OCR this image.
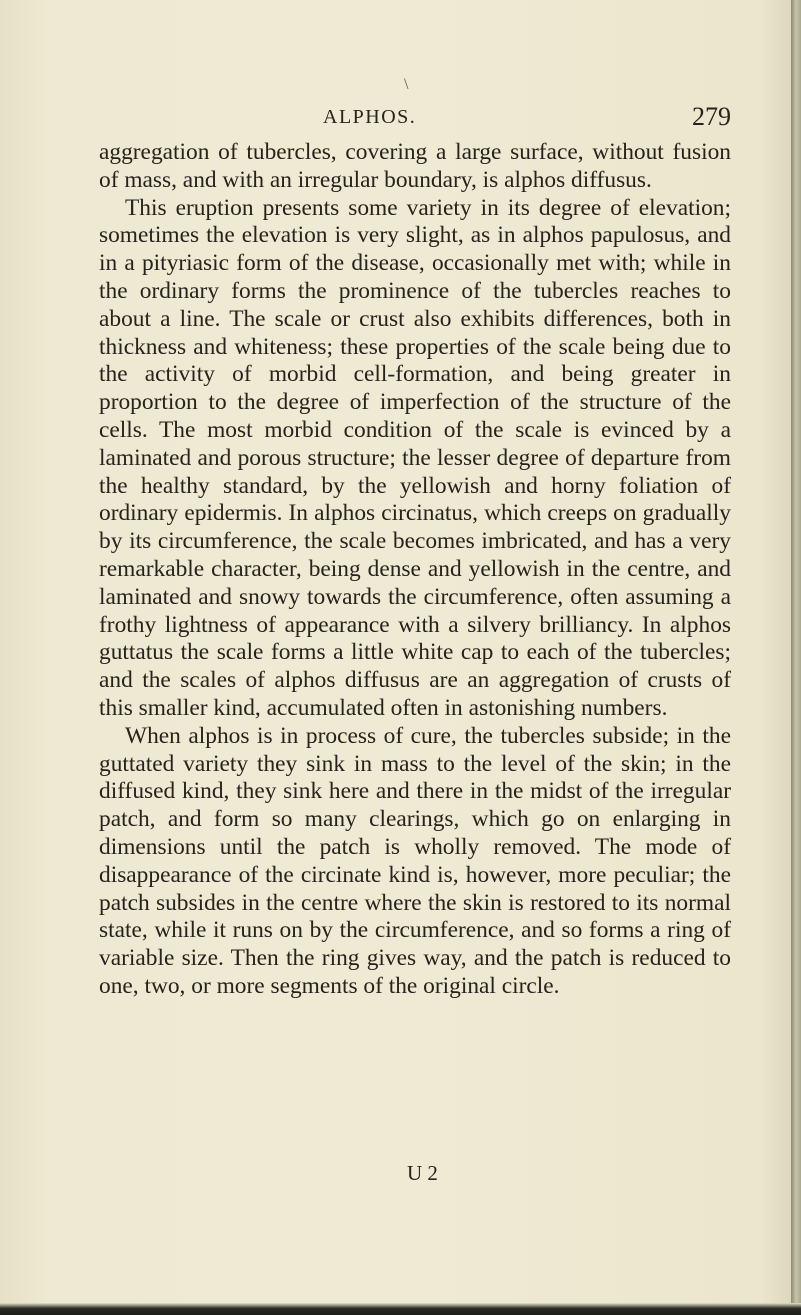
\
ALPHOS.	279

aggregation of tubercles, covering a large surface, without fusion of mass, and with an irregular boundary, is alphos diffusus.

This eruption presents some variety in its degree of elevation; sometimes the elevation is very slight, as in alphos papulosus, and in a pityriasic form of the disease, occasionally met with; while in the ordinary forms the prominence of the tubercles reaches to about a line. The scale or crust also exhibits differences, both in thickness and whiteness; these properties of the scale being due to the activity of morbid cell-formation, and being greater in proportion to the degree of imperfection of the structure of the cells. The most morbid condition of the scale is evinced by a laminated and porous structure; the lesser degree of departure from the healthy standard, by the yellowish and horny foliation of ordinary epidermis. In alphos circinatus, which creeps on gradually by its circumference, the scale becomes imbricated, and has a very remarkable character, being dense and yellowish in the centre, and laminated and snowy towards the circumference, often assuming a frothy lightness of appearance with a silvery brilliancy. In alphos guttatus the scale forms a little white cap to each of the tubercles; and the scales of alphos diffusus are an aggregation of crusts of this smaller kind, accumulated often in astonishing numbers.

When alphos is in process of cure, the tubercles subside; in the guttated variety they sink in mass to the level of the skin; in the diffused kind, they sink here and there in the midst of the irregular patch, and form so many clearings, which go on enlarging in dimensions until the patch is wholly removed. The mode of disappearance of the circinate kind is, however, more peculiar; the patch subsides in the centre where the skin is restored to its normal state, while it runs on by the circumference, and so forms a ring of variable size. Then the ring gives way, and the patch is reduced to one, two, or more segments of the original circle.

U 2
